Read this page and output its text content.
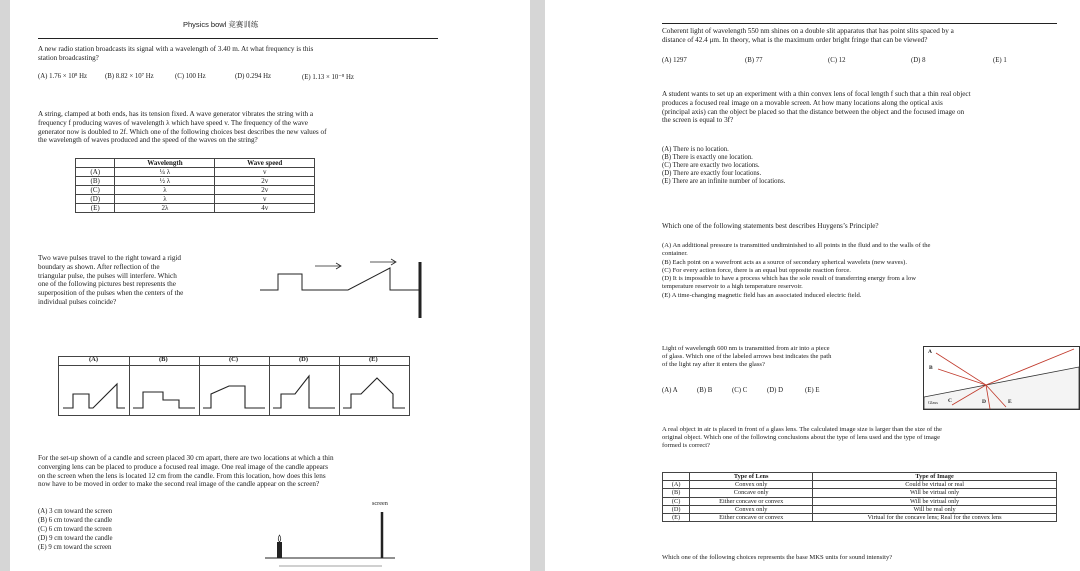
Physics bowl 竞赛训练
A new radio station broadcasts its signal with a wavelength of 3.40 m. At what frequency is this
station broadcasting?
(A) 1.76 × 10⁸ Hz	(B) 8.82 × 10⁷ Hz	(C) 100 Hz	(D) 0.294 Hz	(E) 1.13 × 10⁻⁸ Hz
A string, clamped at both ends, has its tension fixed. A wave generator vibrates the string with a
frequency f producing waves of wavelength λ which have speed v. The frequency of the wave
generator now is doubled to 2f. Which one of the following choices best describes the new values of
the wavelength of waves produced and the speed of the waves on the string?
	Wavelength	Wave speed
(A)	¼ λ	v
(B)	½ λ	2v
(C)	λ	2v
(D)	λ	v
(E)	2λ	4v
Two wave pulses travel to the right toward a rigid
boundary as shown. After reflection of the
triangular pulse, the pulses will interfere. Which
one of the following pictures best represents the
superposition of the pulses when the centers of the
individual pulses coincide?
(A)	(B)	(C)	(D)	(E)
For the set-up shown of a candle and screen placed 30 cm apart, there are two locations at which a thin
converging lens can be placed to produce a focused real image. One real image of the candle appears
on the screen when the lens is located 12 cm from the candle. From this location, how does this lens
now have to be moved in order to make the second real image of the candle appear on the screen?
(A) 3 cm toward the screen
(B) 6 cm toward the candle
(C) 6 cm toward the screen
(D) 9 cm toward the candle
(E) 9 cm toward the screen
screen
Coherent light of wavelength 550 nm shines on a double slit apparatus that has point slits spaced by a
distance of 42.4 μm. In theory, what is the maximum order bright fringe that can be viewed?
(A) 1297	(B) 77	(C) 12	(D) 8	(E) 1
A student wants to set up an experiment with a thin convex lens of focal length f such that a thin real object
produces a focused real image on a movable screen. At how many locations along the optical axis
(principal axis) can the object be placed so that the distance between the object and the focused image on
the screen is equal to 3f?
(A) There is no location.
(B) There is exactly one location.
(C) There are exactly two locations.
(D) There are exactly four locations.
(E) There are an infinite number of locations.
Which one of the following statements best describes Huygens’s Principle?
(A) An additional pressure is transmitted undiminished to all points in the fluid and to the walls of the
container.
(B) Each point on a wavefront acts as a source of secondary spherical wavelets (new waves).
(C) For every action force, there is an equal but opposite reaction force.
(D) It is impossible to have a process which has the sole result of transferring energy from a low
temperature reservoir to a high temperature reservoir.
(E) A time-changing magnetic field has an associated induced electric field.
Light of wavelength 600 nm is transmitted from air into a piece
of glass. Which one of the labeled arrows best indicates the path
of the light ray after it enters the glass?
(A) A	(B) B	(C) C	(D) D	(E) E
A
B
C	D	E
Glass
A real object in air is placed in front of a glass lens. The calculated image size is larger than the size of the
original object. Which one of the following conclusions about the type of lens used and the type of image
formed is correct?
	Type of Lens	Type of Image
(A)	Convex only	Could be virtual or real
(B)	Concave only	Will be virtual only
(C)	Either concave or convex	Will be virtual only
(D)	Convex only	Will be real only
(E)	Either concave or convex	Virtual for the concave lens; Real for the convex lens
Which one of the following choices represents the base MKS units for sound intensity?
